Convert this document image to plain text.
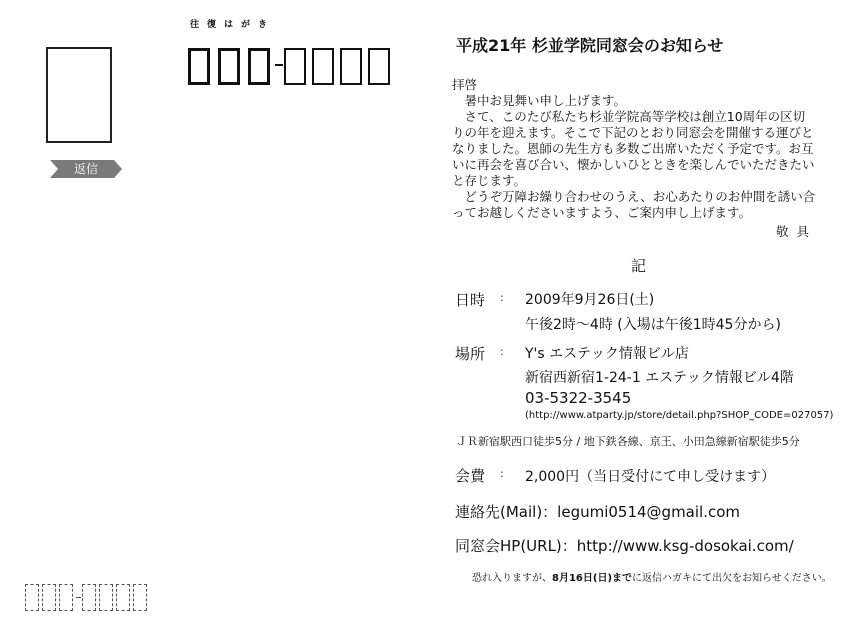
往復はがき
返信
平成21年 杉並学院同窓会のお知らせ
拝啓
　暑中お見舞い申し上げます。
　さて、このたび私たち杉並学院高等学校は創立10周年の区切
りの年を迎えます。そこで下記のとおり同窓会を開催する運びと
なりました。恩師の先生方も多数ご出席いただく予定です。お互
いに再会を喜び合い、懐かしいひとときを楽しんでいただきたい
と存じます。
　どうぞ万障お繰り合わせのうえ、お心あたりのお仲間を誘い合
ってお越しくださいますよう、ご案内申し上げます。
敬具
記
日時 : 2009年9月26日(土)
午後2時〜4時 (入場は午後1時45分から)
場所 : Y's エステック情報ビル店
新宿西新宿1-24-1 エステック情報ビル4階
03-5322-3545
(http://www.atparty.jp/store/detail.php?SHOP_CODE=027057)
ＪＲ新宿駅西口徒歩5分 / 地下鉄各線、京王、小田急線新宿駅徒歩5分
会費 : 2,000円（当日受付にて申し受けます）
連絡先(Mail)：legumi0514@gmail.com
同窓会HP(URL)：http://www.ksg-dosokai.com/
恐れ入りますが、8月16日(日)までに返信ハガキにて出欠をお知らせください。
